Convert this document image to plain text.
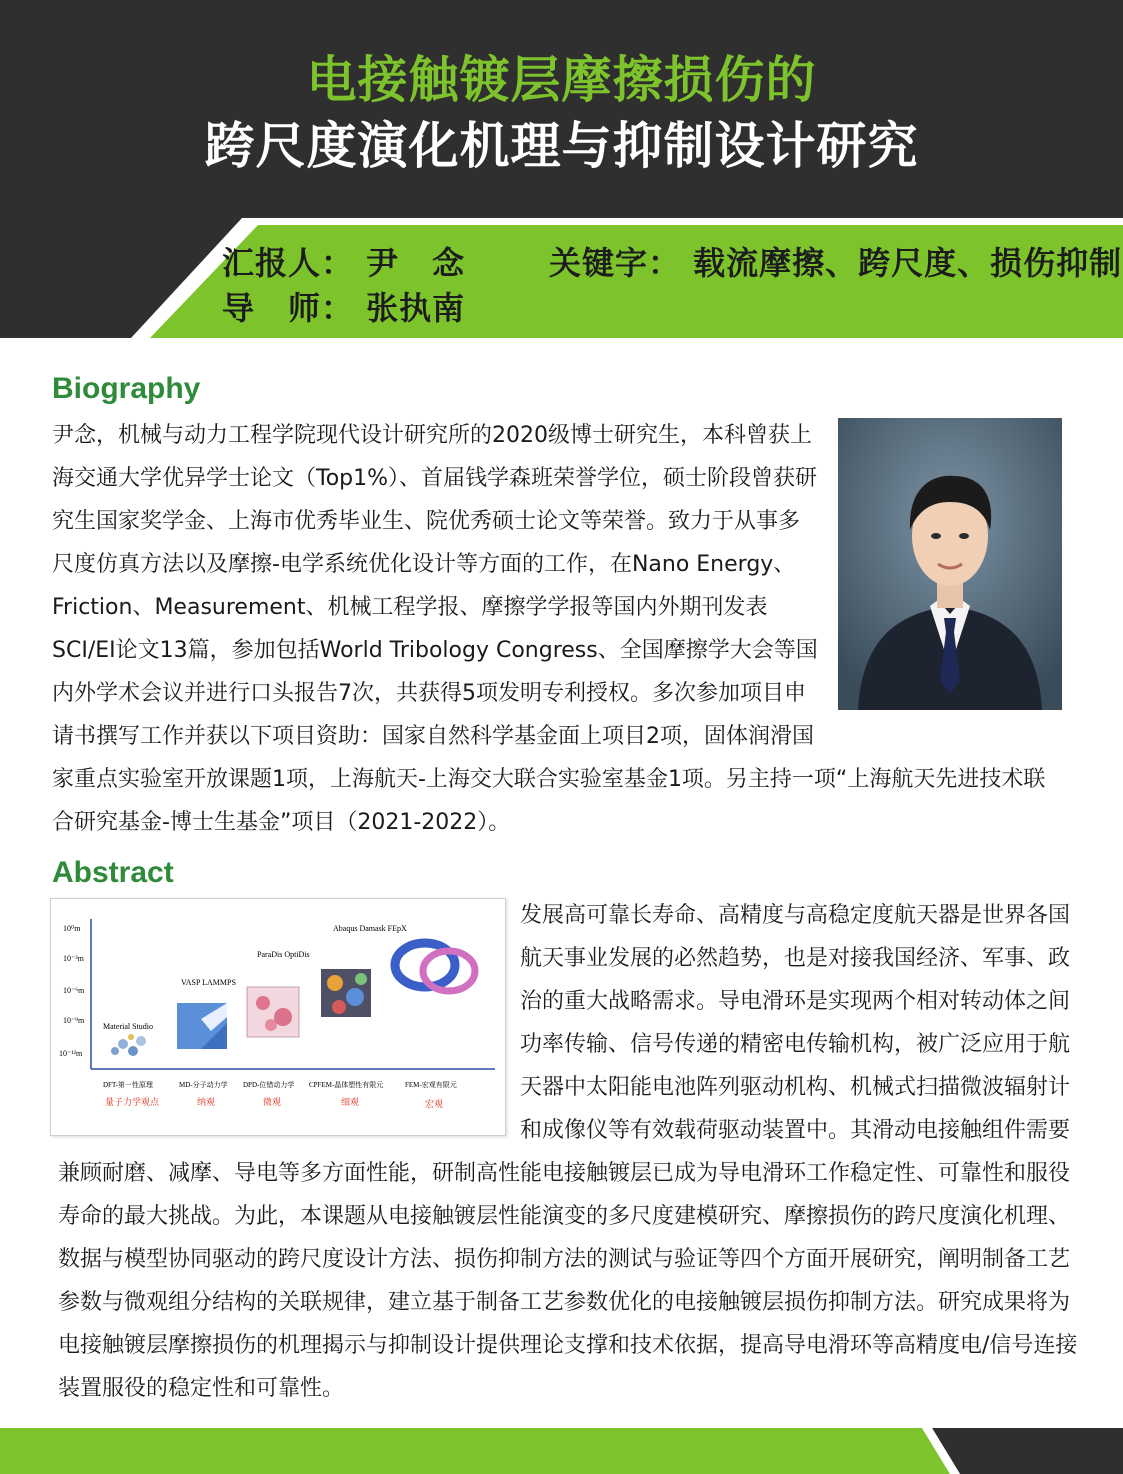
电接触镀层摩擦损伤的
跨尺度演化机理与抑制设计研究
汇报人： 尹　念	关键字： 载流摩擦、跨尺度、损伤抑制
导　师： 张执南
Biography
尹念，机械与动力工程学院现代设计研究所的2020级博士研究生，本科曾获上海交通大学优异学士论文（Top1%）、首届钱学森班荣誉学位，硕士阶段曾获研究生国家奖学金、上海市优秀毕业生、院优秀硕士论文等荣誉。致力于从事多尺度仿真方法以及摩擦-电学系统优化设计等方面的工作，在Nano Energy、Friction、Measurement、机械工程学报、摩擦学学报等国内外期刊发表SCI/EI论文13篇，参加包括World Tribology Congress、全国摩擦学大会等国内外学术会议并进行口头报告7次，共获得5项发明专利授权。多次参加项目申请书撰写工作并获以下项目资助：国家自然科学基金面上项目2项，固体润滑国家重点实验室开放课题1项，上海航天-上海交大联合实验室基金1项。另主持一项“上海航天先进技术联合研究基金-博士生基金”项目（2021-2022）。
Abstract
10⁰m
10⁻³m
10⁻⁶m
10⁻⁹m
10⁻¹²m
Material Studio
VASP LAMMPS
ParaDis OptiDis
Abaqus Damask FEpX
DFT-第一性原理	MD-分子动力学 DPD-位错动力学 CPFEM-晶体塑性有限元	FEM-宏观有限元
量子力学观点	纳观	微观	细观	宏观
发展高可靠长寿命、高精度与高稳定度航天器是世界各国航天事业发展的必然趋势，也是对接我国经济、军事、政治的重大战略需求。导电滑环是实现两个相对转动体之间功率传输、信号传递的精密电传输机构，被广泛应用于航天器中太阳能电池阵列驱动机构、机械式扫描微波辐射计和成像仪等有效载荷驱动装置中。其滑动电接触组件需要兼顾耐磨、减摩、导电等多方面性能，研制高性能电接触镀层已成为导电滑环工作稳定性、可靠性和服役寿命的最大挑战。为此，本课题从电接触镀层性能演变的多尺度建模研究、摩擦损伤的跨尺度演化机理、数据与模型协同驱动的跨尺度设计方法、损伤抑制方法的测试与验证等四个方面开展研究，阐明制备工艺参数与微观组分结构的关联规律，建立基于制备工艺参数优化的电接触镀层损伤抑制方法。研究成果将为电接触镀层摩擦损伤的机理揭示与抑制设计提供理论支撑和技术依据，提高导电滑环等高精度电/信号连接装置服役的稳定性和可靠性。
